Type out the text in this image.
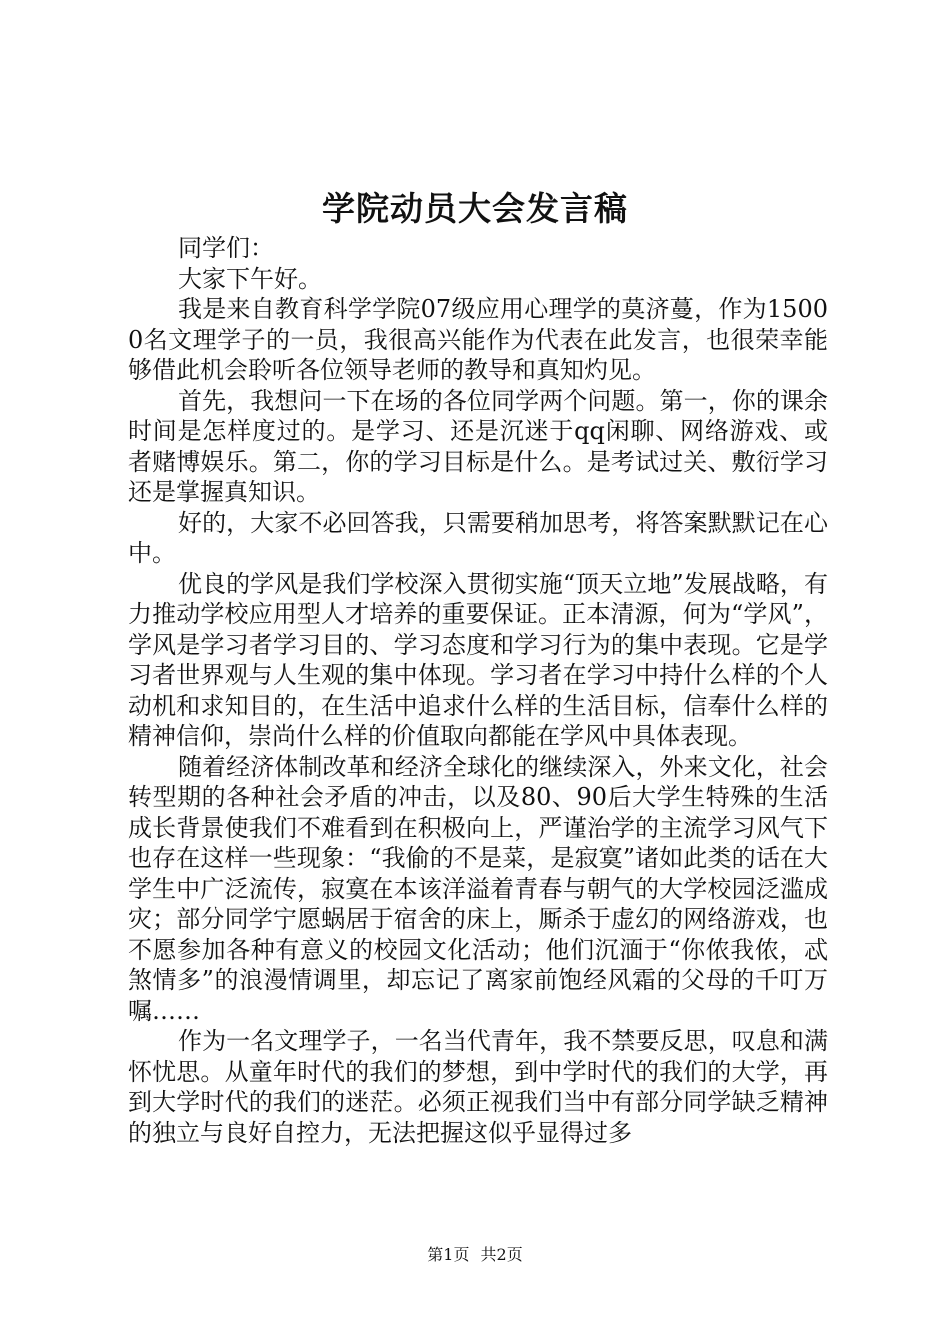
学院动员大会发言稿

同学们：

大家下午好。

我是来自教育科学学院07级应用心理学的莫济蔓，作为15000名文理学子的一员，我很高兴能作为代表在此发言，也很荣幸能够借此机会聆听各位领导老师的教导和真知灼见。

首先，我想问一下在场的各位同学两个问题。第一，你的课余时间是怎样度过的。是学习、还是沉迷于qq闲聊、网络游戏、或者赌博娱乐。第二，你的学习目标是什么。是考试过关、敷衍学习还是掌握真知识。

好的，大家不必回答我，只需要稍加思考，将答案默默记在心中。

优良的学风是我们学校深入贯彻实施“顶天立地”发展战略，有力推动学校应用型人才培养的重要保证。正本清源，何为“学风”，学风是学习者学习目的、学习态度和学习行为的集中表现。它是学习者世界观与人生观的集中体现。学习者在学习中持什么样的个人动机和求知目的，在生活中追求什么样的生活目标，信奉什么样的精神信仰，崇尚什么样的价值取向都能在学风中具体表现。

随着经济体制改革和经济全球化的继续深入，外来文化，社会转型期的各种社会矛盾的冲击，以及80、90后大学生特殊的生活成长背景使我们不难看到在积极向上，严谨治学的主流学习风气下也存在这样一些现象：“我偷的不是菜，是寂寞”诸如此类的话在大学生中广泛流传，寂寞在本该洋溢着青春与朝气的大学校园泛滥成灾；部分同学宁愿蜗居于宿舍的床上，厮杀于虚幻的网络游戏，也不愿参加各种有意义的校园文化活动；他们沉湎于“你侬我侬，忒煞情多”的浪漫情调里，却忘记了离家前饱经风霜的父母的千叮万嘱……

作为一名文理学子，一名当代青年，我不禁要反思，叹息和满怀忧思。从童年时代的我们的梦想，到中学时代的我们的大学，再到大学时代的我们的迷茫。必须正视我们当中有部分同学缺乏精神的独立与良好自控力，无法把握这似乎显得过多

第1页 共2页
